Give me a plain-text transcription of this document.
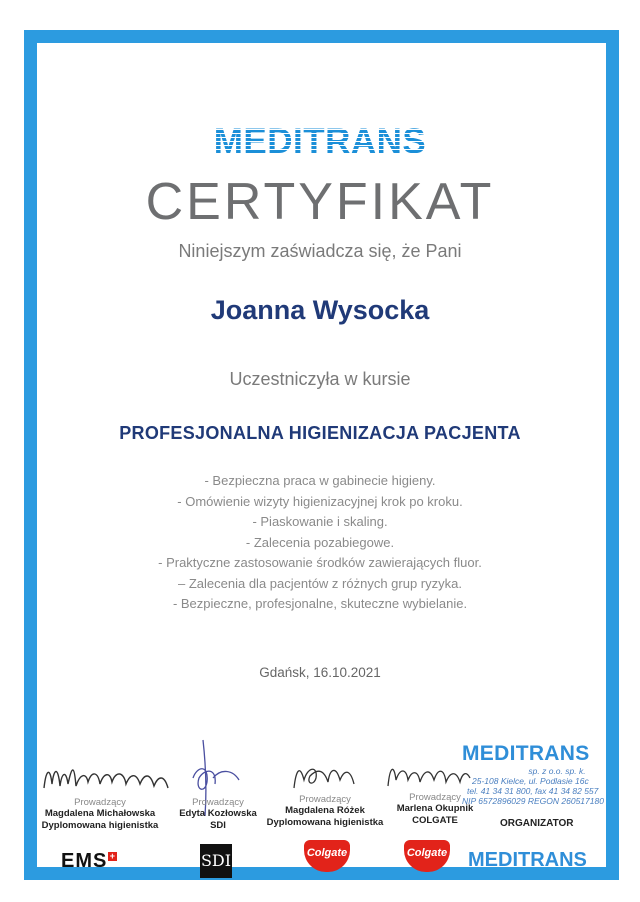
MEDITRANS
CERTYFIKAT
Niniejszym zaświadcza się, że Pani
Joanna Wysocka
Uczestniczyła w kursie
PROFESJONALNA HIGIENIZACJA PACJENTA
- Bezpieczna praca w gabinecie higieny.
- Omówienie wizyty higienizacyjnej krok po kroku.
- Piaskowanie i skaling.
- Zalecenia pozabiegowe.
- Praktyczne zastosowanie środków zawierających fluor.
– Zalecenia dla pacjentów z różnych grup ryzyka.
- Bezpieczne, profesjonalne, skuteczne wybielanie.
Gdańsk, 16.10.2021
MEDITRANS
sp. z o.o. sp. k.
25-108 Kielce, ul. Podlasie 16c
tel. 41 34 31 800, fax 41 34 82 557
NIP 6572896029 REGON 260517180
Prowadzący
Magdalena Michałowska
Dyplomowana higienistka
Prowadzący
Edyta Kozłowska
SDI
Prowadzący
Magdalena Różek
Dyplomowana higienistka
Prowadzący
Marlena Okupnik
COLGATE	ORGANIZATOR
EMS +	SDI	Colgate	Colgate MEDITRANS
